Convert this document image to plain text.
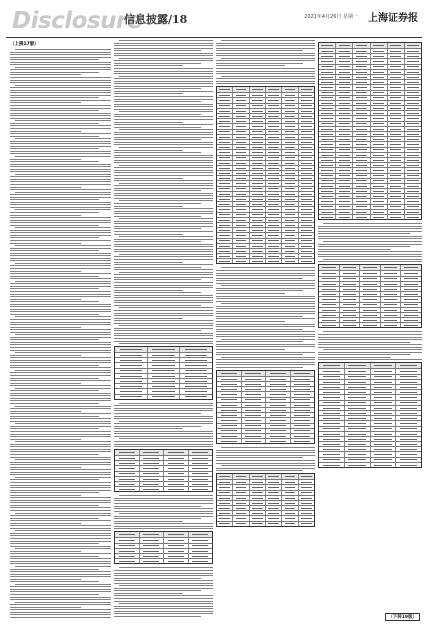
Disclosure
信息披露/18	2021年4月26日 星期一 上海证券报
（上接17版）
（下转19版）
